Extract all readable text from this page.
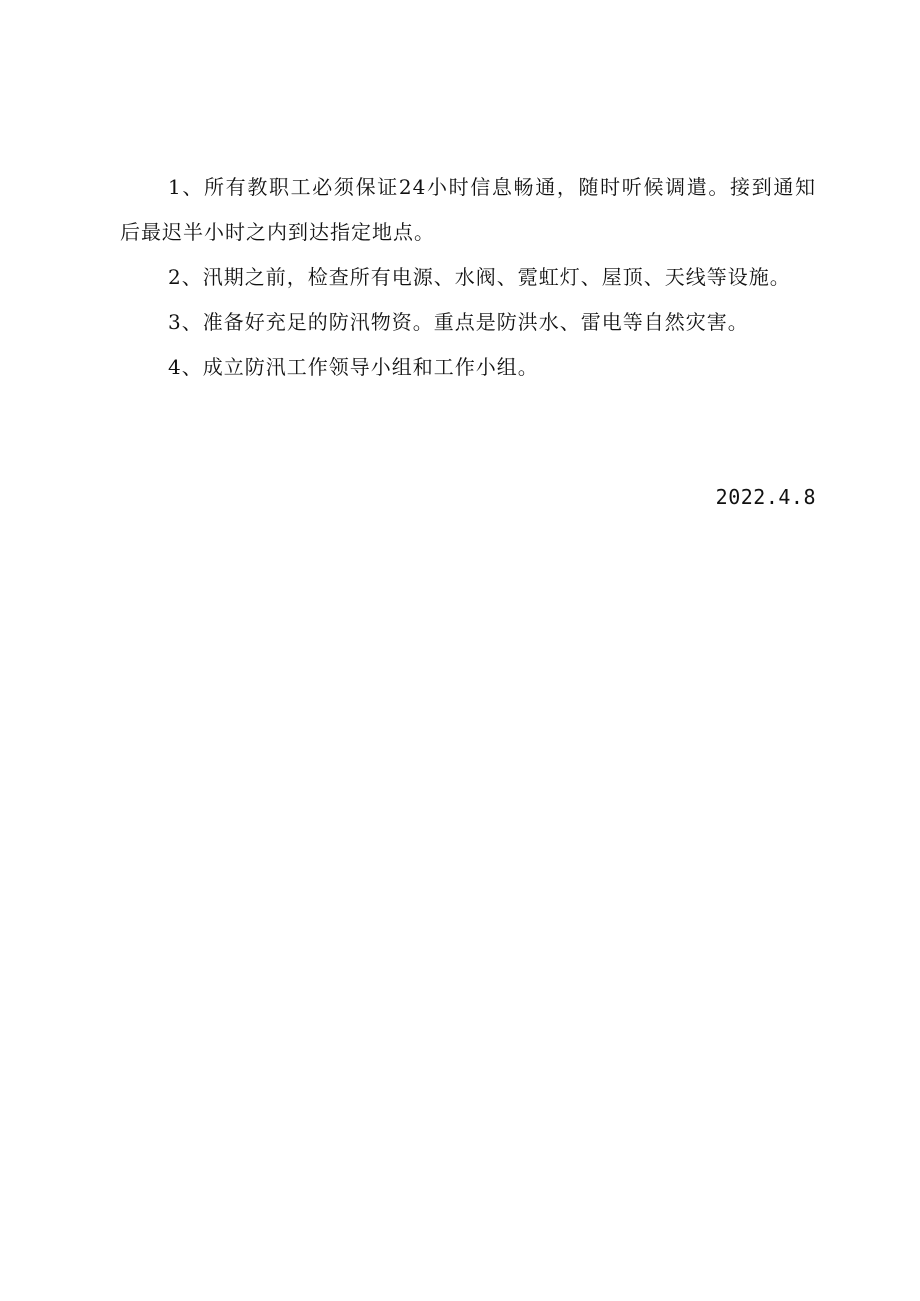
1、所有教职工必须保证24小时信息畅通，随时听候调遣。接到通知后最迟半小时之内到达指定地点。

2、汛期之前，检查所有电源、水阀、霓虹灯、屋顶、天线等设施。

3、准备好充足的防汛物资。重点是防洪水、雷电等自然灾害。

4、成立防汛工作领导小组和工作小组。

2022.4.8
